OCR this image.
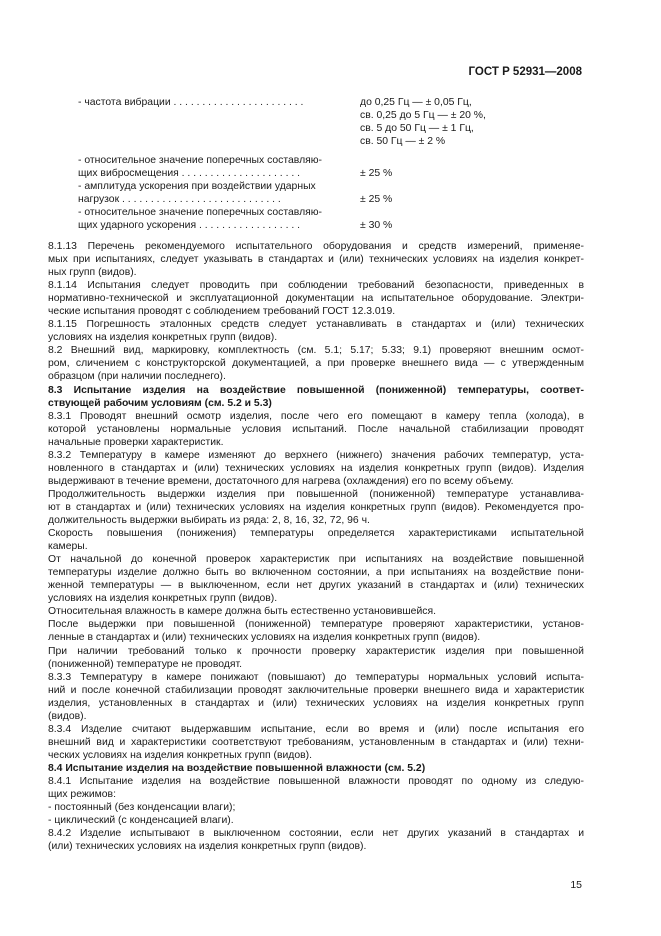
ГОСТ Р 52931—2008
- частота вибрации . . . . . . . . . . . . . . . . . . . . . . .	до 0,25 Гц — ± 0,05 Гц,
св. 0,25 до 5 Гц — ± 20 %,
св. 5 до 50 Гц — ± 1 Гц,
св. 50 Гц — ± 2 %
- относительное значение поперечных составляю-
щих виброcмещения . . . . . . . . . . . . . . . . . . . . .	± 25 %
- амплитуда ускорения при воздействии ударных
нагрузок . . . . . . . . . . . . . . . . . . . . . . . . . . . .	± 25 %
- относительное значение поперечных составляю-
щих ударного ускорения . . . . . . . . . . . . . . . . . .	± 30 %
8.1.13 Перечень рекомендуемого испытательного оборудования и средств измерений, применяе-
мых при испытаниях, следует указывать в стандартах и (или) технических условиях на изделия конкрет-
ных групп (видов).
8.1.14 Испытания следует проводить при соблюдении требований безопасности, приведенных в
нормативно-технической и эксплуатационной документации на испытательное оборудование. Электри-
ческие испытания проводят с соблюдением требований ГОСТ 12.3.019.
8.1.15 Погрешность эталонных средств следует устанавливать в стандартах и (или) технических
условиях на изделия конкретных групп (видов).
8.2 Внешний вид, маркировку, комплектность (см. 5.1; 5.17; 5.33; 9.1) проверяют внешним осмот-
ром, сличением с конструкторской документацией, а при проверке внешнего вида — с утвержденным
образцом (при наличии последнего).
8.3 Испытание изделия на воздействие повышенной (пониженной) температуры, соответ-
ствующей рабочим условиям (см. 5.2 и 5.3)
8.3.1 Проводят внешний осмотр изделия, после чего его помещают в камеру тепла (холода), в
которой установлены нормальные условия испытаний. После начальной стабилизации проводят
начальные проверки характеристик.
8.3.2 Температуру в камере изменяют до верхнего (нижнего) значения рабочих температур, уста-
новленного в стандартах и (или) технических условиях на изделия конкретных групп (видов). Изделия
выдерживают в течение времени, достаточного для нагрева (охлаждения) его по всему объему.
Продолжительность выдержки изделия при повышенной (пониженной) температуре устанавлива-
ют в стандартах и (или) технических условиях на изделия конкретных групп (видов). Рекомендуется про-
должительность выдержки выбирать из ряда: 2, 8, 16, 32, 72, 96 ч.
Скорость повышения (понижения) температуры определяется характеристиками испытательной
камеры.
От начальной до конечной проверок характеристик при испытаниях на воздействие повышенной
температуры изделие должно быть во включенном состоянии, а при испытаниях на воздействие пони-
женной температуры — в выключенном, если нет других указаний в стандартах и (или) технических
условиях на изделия конкретных групп (видов).
Относительная влажность в камере должна быть естественно установившейся.
После выдержки при повышенной (пониженной) температуре проверяют характеристики, установ-
ленные в стандартах и (или) технических условиях на изделия конкретных групп (видов).
При наличии требований только к прочности проверку характеристик изделия при повышенной
(пониженной) температуре не проводят.
8.3.3 Температуру в камере понижают (повышают) до температуры нормальных условий испыта-
ний и после конечной стабилизации проводят заключительные проверки внешнего вида и характеристик
изделия, установленных в стандартах и (или) технических условиях на изделия конкретных групп
(видов).
8.3.4 Изделие считают выдержавшим испытание, если во время и (или) после испытания его
внешний вид и характеристики соответствуют требованиям, установленным в стандартах и (или) техни-
ческих условиях на изделия конкретных групп (видов).
8.4 Испытание изделия на воздействие повышенной влажности (см. 5.2)
8.4.1 Испытание изделия на воздействие повышенной влажности проводят по одному из следую-
щих режимов:
- постоянный (без конденсации влаги);
- циклический (с конденсацией влаги).
8.4.2 Изделие испытывают в выключенном состоянии, если нет других указаний в стандартах и
(или) технических условиях на изделия конкретных групп (видов).
15
